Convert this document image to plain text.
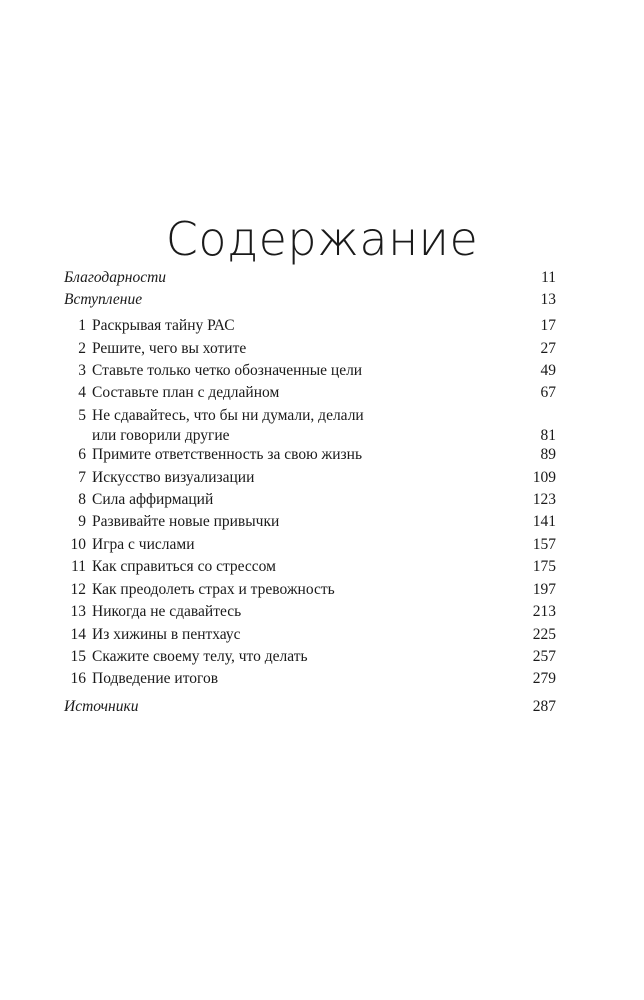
Содержание
Благодарности	11
Вступление	13
1 Раскрывая тайну РАС	17
2 Решите, чего вы хотите	27
3 Ставьте только четко обозначенные цели	49
4 Составьте план с дедлайном	67
5 Не сдавайтесь, что бы ни думали, делали
или говорили другие	81
6 Примите ответственность за свою жизнь	89
7 Искусство визуализации	109
8 Сила аффирмаций	123
9 Развивайте новые привычки	141
10 Игра с числами	157
11 Как справиться со стрессом	175
12 Как преодолеть страх и тревожность	197
13 Никогда не сдавайтесь	213
14 Из хижины в пентхаус	225
15 Скажите своему телу, что делать	257
16 Подведение итогов	279
Источники	287
